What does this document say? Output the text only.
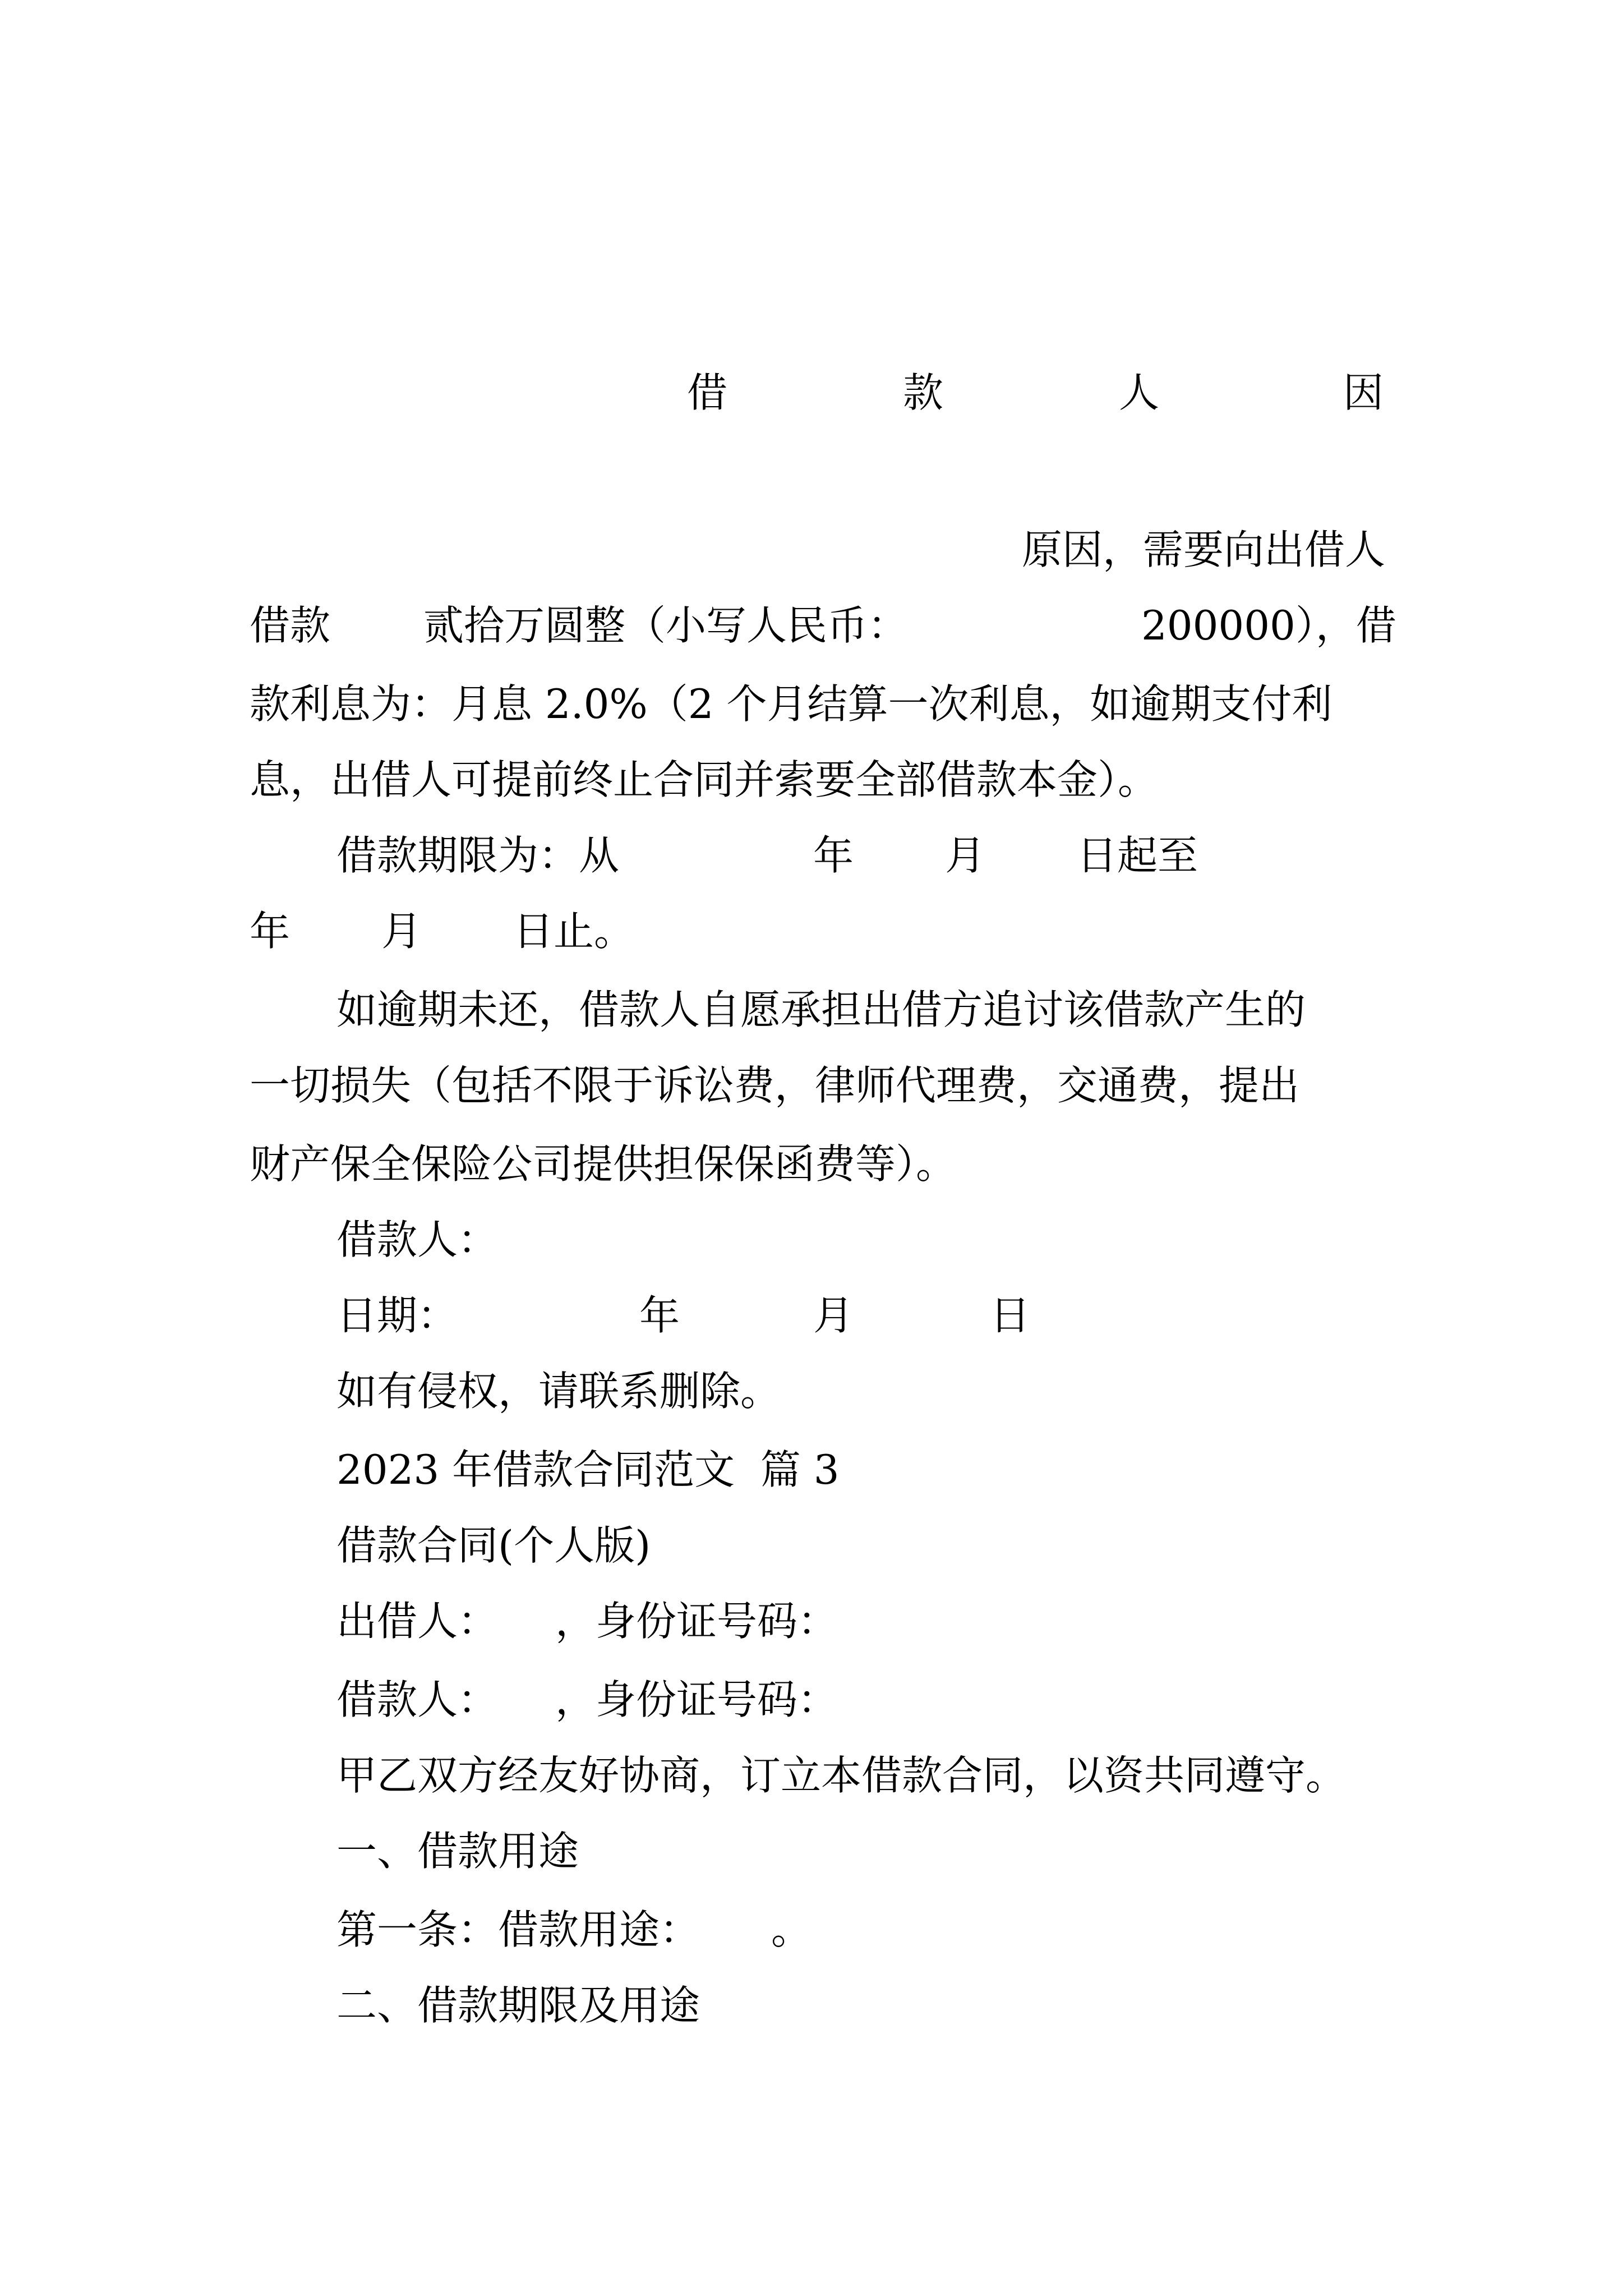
借

	款

	人

	因

原因，需要向出借人

借款

贰拾万圆整（小写人民币：

	200000），借

款利息为：月息 2.0%（2 个月结算一次利息，如逾期支付利
息，出借人可提前终止合同并索要全部借款本金）。

借款期限为：从

	年

月

日起至

年

月

日止。

如逾期未还，借款人自愿承担出借方追讨该借款产生的
一切损失（包括不限于诉讼费，律师代理费，交通费，提出
财产保全保险公司提供担保保函费等）。
借款人：

日期：

	年

	月

	日

如有侵权，请联系删除。
2023 年借款合同范文  篇 3
借款合同(个人版)

出借人：

，身份证号码：

借款人：

，身份证号码：

甲乙双方经友好协商，订立本借款合同，以资共同遵守。
一、借款用途

第一条：借款用途：

。

二、借款期限及用途
